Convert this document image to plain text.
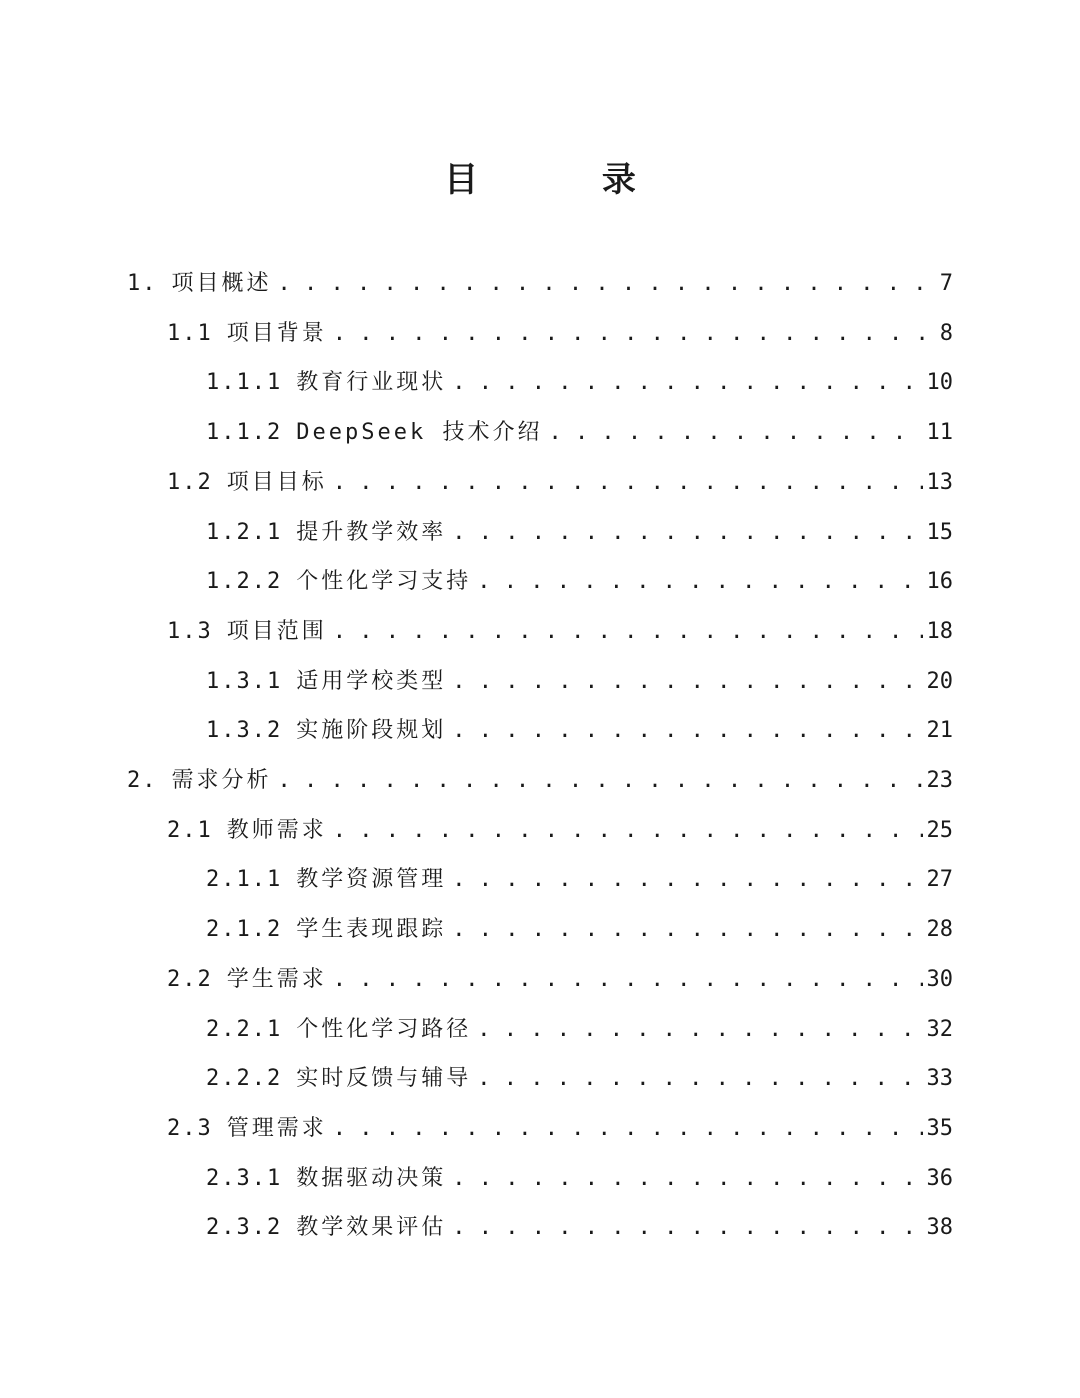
目 录
1. 项目概述 . . .	7
1.1 项目背景 . . .	8
1.1.1 教育行业现状 . . .	10
1.1.2 DeepSeek 技术介绍 . . .	11
1.2 项目目标 . . .	13
1.2.1 提升教学效率 . . .	15
1.2.2 个性化学习支持 . . .	16
1.3 项目范围 . . .	18
1.3.1 适用学校类型 . . .	20
1.3.2 实施阶段规划 . . .	21
2. 需求分析 . . .	23
2.1 教师需求 . . .	25
2.1.1 教学资源管理 . . .	27
2.1.2 学生表现跟踪 . . .	28
2.2 学生需求 . . .	30
2.2.1 个性化学习路径 . . .	32
2.2.2 实时反馈与辅导 . . .	33
2.3 管理需求 . . .	35
2.3.1 数据驱动决策 . . .	36
2.3.2 教学效果评估 . . .	38
